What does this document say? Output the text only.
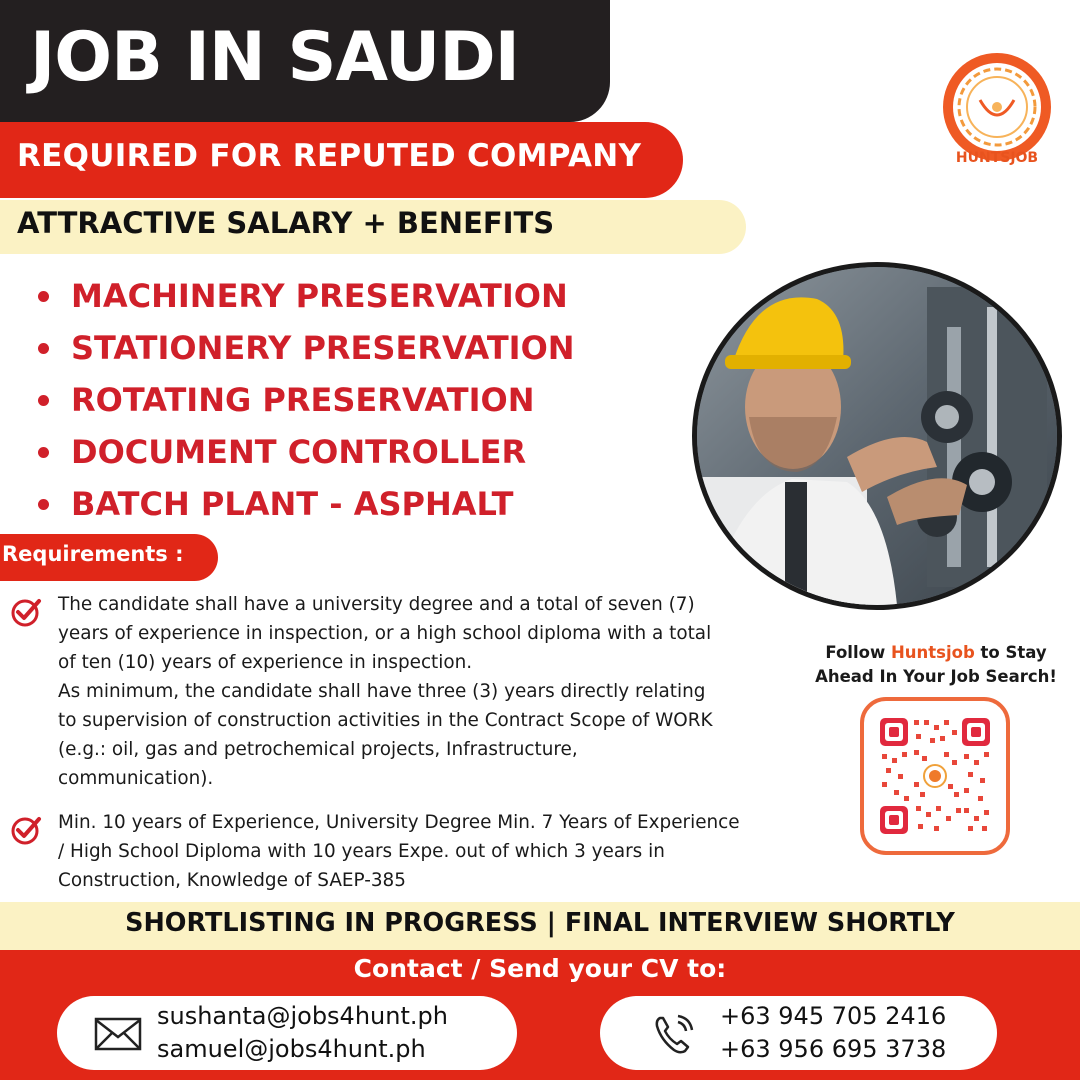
JOB IN SAUDI
REQUIRED FOR REPUTED COMPANY
ATTRACTIVE SALARY + BENEFITS
HUNTSJOB
MACHINERY PRESERVATION
STATIONERY PRESERVATION
ROTATING PRESERVATION
DOCUMENT CONTROLLER
BATCH PLANT - ASPHALT
Requirements :
The candidate shall have a university degree and a total of seven (7)
years of experience in inspection, or a high school diploma with a total
of ten (10) years of experience in inspection.
As minimum, the candidate shall have three (3) years directly relating
to supervision of construction activities in the Contract Scope of WORK
(e.g.: oil, gas and petrochemical projects, Infrastructure,
communication).
Min. 10 years of Experience, University Degree Min. 7 Years of Experience
/ High School Diploma with 10 years Expe. out of which 3 years in
Construction, Knowledge of SAEP-385
Follow Huntsjob to Stay
Ahead In Your Job Search!
SHORTLISTING IN PROGRESS | FINAL INTERVIEW SHORTLY
Contact / Send your CV to:
sushanta@jobs4hunt.ph
samuel@jobs4hunt.ph
+63 945 705 2416
+63 956 695 3738
